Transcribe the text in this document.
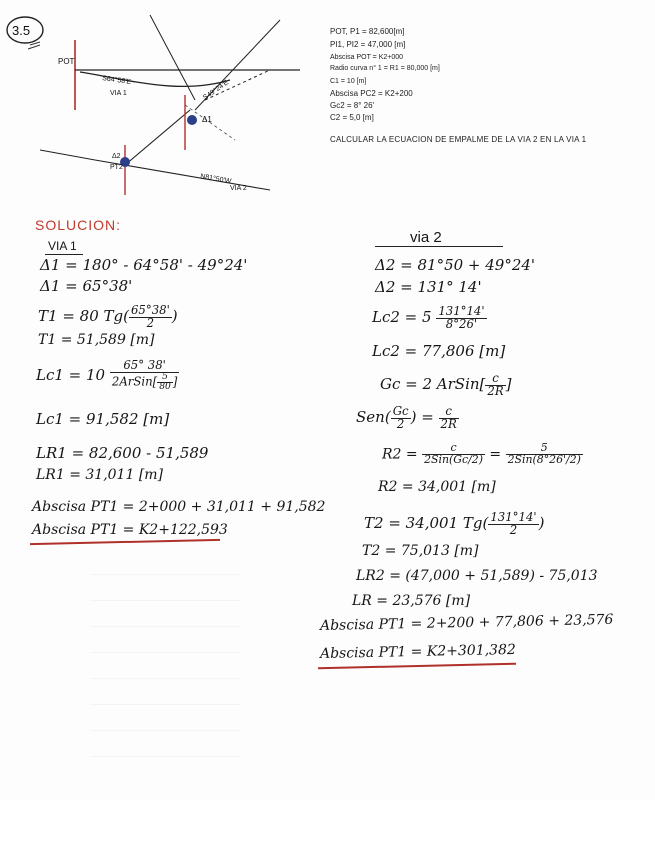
3.5
POT
S64°58'E
VIA 1	S49°24'E
Δ1
Δ2
PT2
N81°50'W
VIA 2
POT, P1 = 82,600[m]
PI1, PI2 = 47,000 [m]
Abscisa POT = K2+000
Radio curva n° 1 = R1 = 80,000 [m]
C1 = 10 [m]
Abscisa PC2 = K2+200
Gc2 = 8° 26'
C2 = 5,0 [m]
CALCULAR LA ECUACION DE EMPALME DE LA VIA 2 EN LA VIA 1
SOLUCION:
VIA 1
Δ1 = 180° - 64°58' - 49°24'
Δ1 = 65°38'
T1 = 80 $Tg( \frac{65^\circ 38'}{2}$ )
T1 = 51,589 [m]
$Lc1 = 10 \frac{65^\circ 38'}{2ArSin[ \frac{5}{80} ]}$
Lc1 = 91,582 [m]
LR1 = 82,600 - 51,589
LR1 = 31,011 [m]
Abscisa PT1 = 2+000 + 31,011 + 91,582
Abscisa PT1 = K2+122,593
via 2
Δ2 = 81°50 + 49°24'
Δ2 = 131° 14'
$Lc2 = 5 \frac{131^\circ 14'}{8^\circ 26'}$
Lc2 = 77,806 [m]
Gc = 2 ArSin[ $\frac{c}{2R}$ ]
$Sen( \frac{Gc}{2}$ ) = $\frac{c}{2R}$
$R2 = \frac{c}{\text{2Sin(Gc/2)}} = \frac{5}{\text{2Sin(8°26'/2)}}$
R2 = 34,001 [m]
T2 = 34,001 $Tg( \frac{131^\circ 14'}{2}$ )
T2 = 75,013 [m]
LR2 = (47,000 + 51,589) - 75,013
LR = 23,576 [m]
Abscisa PT1 = 2+200 + 77,806 + 23,576
Abscisa PT1 = K2+301,382
